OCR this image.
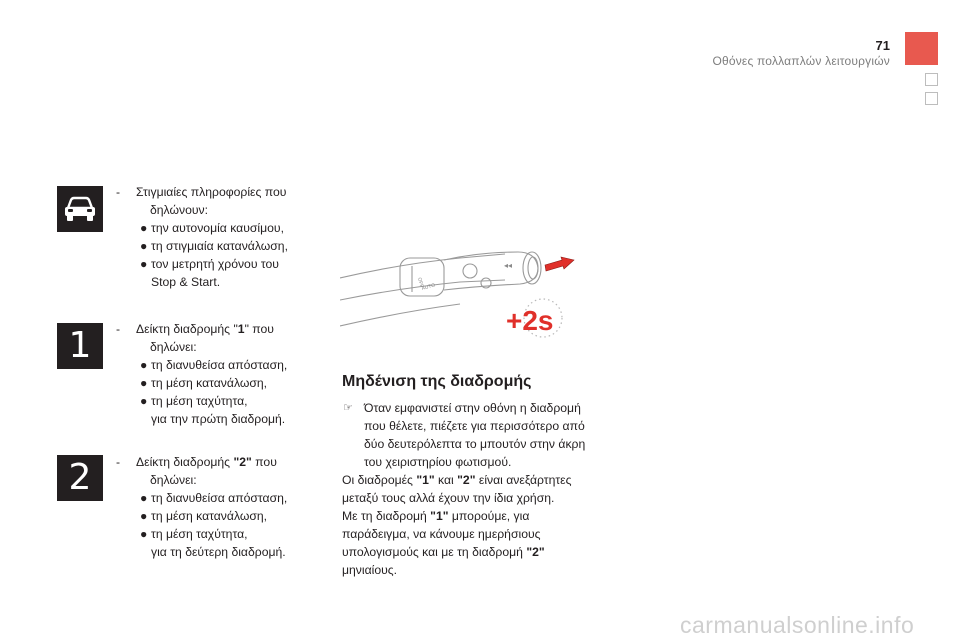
71
Οθόνες πολλαπλών λειτουργιών
1
2
- Στιγμιαίες πληροφορίες που
δηλώνουν:
● την αυτονομία καυσίμου,
● τη στιγμιαία κατανάλωση,
● τον μετρητή χρόνου του
Stop & Start.
- Δείκτη διαδρομής "1" που
δηλώνει:
● τη διανυθείσα απόσταση,
● τη μέση κατανάλωση,
● τη μέση ταχύτητα,
για την πρώτη διαδρομή.
- Δείκτη διαδρομής "2" που
δηλώνει:
● τη διανυθείσα απόσταση,
● τη μέση κατανάλωση,
● τη μέση ταχύτητα,
για τη δεύτερη διαδρομή.
OFF
AUTO
◂◂
+2s
Μηδένιση της διαδρομής
☞ Όταν εμφανιστεί στην οθόνη η διαδρομή
που θέλετε, πιέζετε για περισσότερο από
δύο δευτερόλεπτα το μπουτόν στην άκρη
του χειριστηρίου φωτισμού.
Οι διαδρομές "1" και "2" είναι ανεξάρτητες
μεταξύ τους αλλά έχουν την ίδια χρήση.
Με τη διαδρομή "1" μπορούμε, για
παράδειγμα, να κάνουμε ημερήσιους
υπολογισμούς και με τη διαδρομή "2"
μηνιαίους.
carmanualsonline.info
